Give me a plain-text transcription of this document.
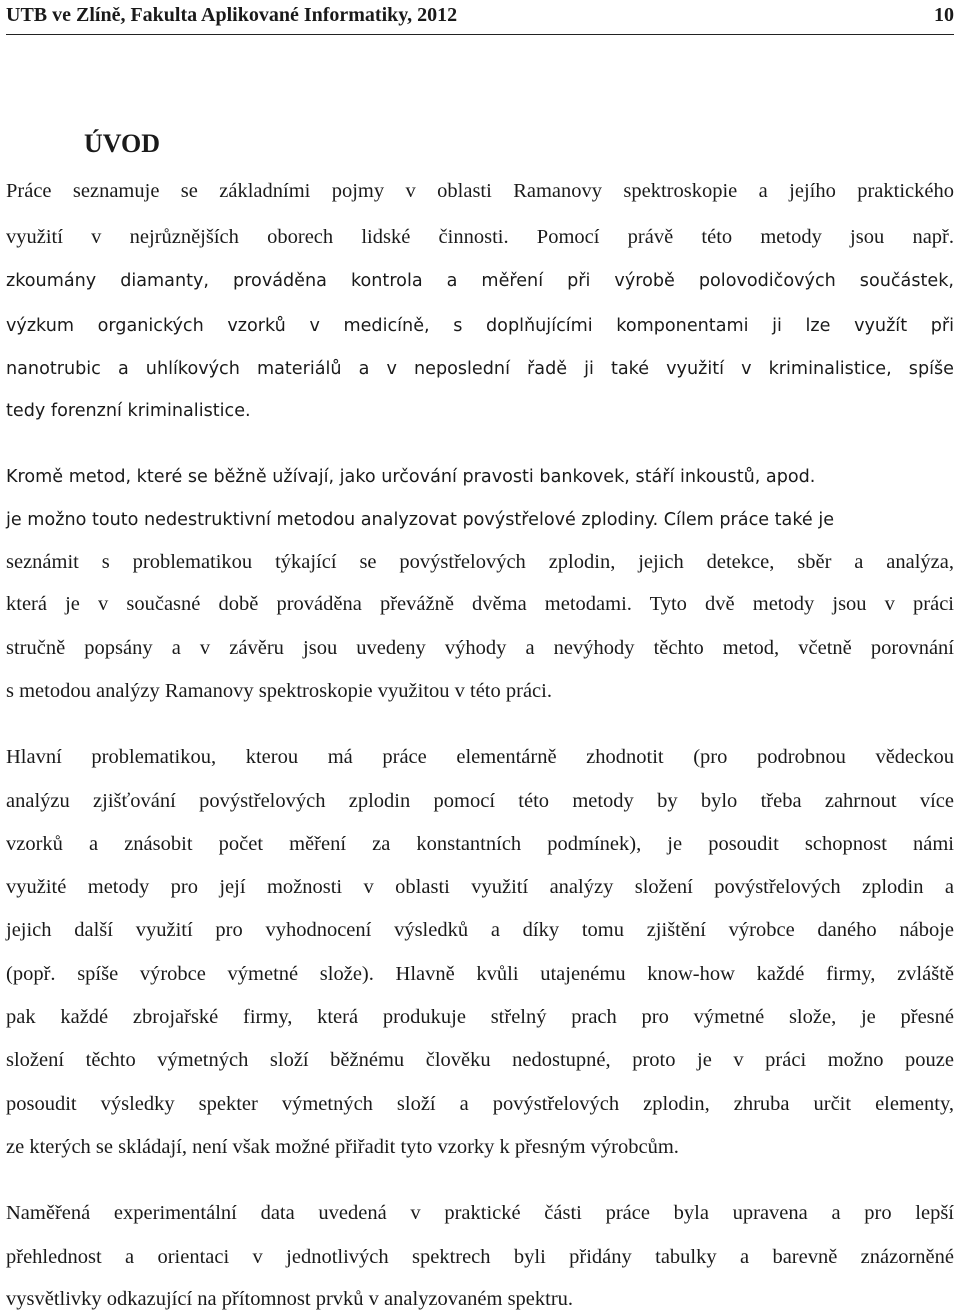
UTB ve Zlíně, Fakulta Aplikované Informatiky, 2012	10
ÚVOD
Práce seznamuje se základními pojmy v oblasti Ramanovy spektroskopie a jejího praktického
využití v nejrůznějších oborech lidské činnosti. Pomocí právě této metody jsou např.
zkoumány diamanty, prováděna kontrola a měření při výrobě polovodičových součástek,
výzkum organických vzorků v medicíně, s doplňujícími komponentami ji lze využít při
nanotrubic a uhlíkových materiálů a v neposlední řadě ji také využití v kriminalistice, spíše
tedy forenzní kriminalistice.
Kromě metod, které se běžně užívají, jako určování pravosti bankovek, stáří inkoustů, apod.
je možno touto nedestruktivní metodou analyzovat povýstřelové zplodiny. Cílem práce také je
seznámit s problematikou týkající se povýstřelových zplodin, jejich detekce, sběr a analýza,
která je v současné době prováděna převážně dvěma metodami. Tyto dvě metody jsou v práci
stručně popsány a v závěru jsou uvedeny výhody a nevýhody těchto metod, včetně porovnání
s metodou analýzy Ramanovy spektroskopie využitou v této práci.
Hlavní problematikou, kterou má práce elementárně zhodnotit (pro podrobnou vědeckou
analýzu zjišťování povýstřelových zplodin pomocí této metody by bylo třeba zahrnout více
vzorků a znásobit počet měření za konstantních podmínek), je posoudit schopnost námi
využité metody pro její možnosti v oblasti využití analýzy složení povýstřelových zplodin a
jejich další využití pro vyhodnocení výsledků a díky tomu zjištění výrobce daného náboje
(popř. spíše výrobce výmetné slože). Hlavně kvůli utajenému know-how každé firmy, zvláště
pak každé zbrojařské firmy, která produkuje střelný prach pro výmetné slože, je přesné
složení těchto výmetných složí běžnému člověku nedostupné, proto je v práci možno pouze
posoudit výsledky spekter výmetných složí a povýstřelových zplodin, zhruba určit elementy,
ze kterých se skládají, není však možné přiřadit tyto vzorky k přesným výrobcům.
Naměřená experimentální data uvedená v praktické části práce byla upravena a pro lepší
přehlednost a orientaci v jednotlivých spektrech byli přidány tabulky a barevně znázorněné
vysvětlivky odkazující na přítomnost prvků v analyzovaném spektru.
